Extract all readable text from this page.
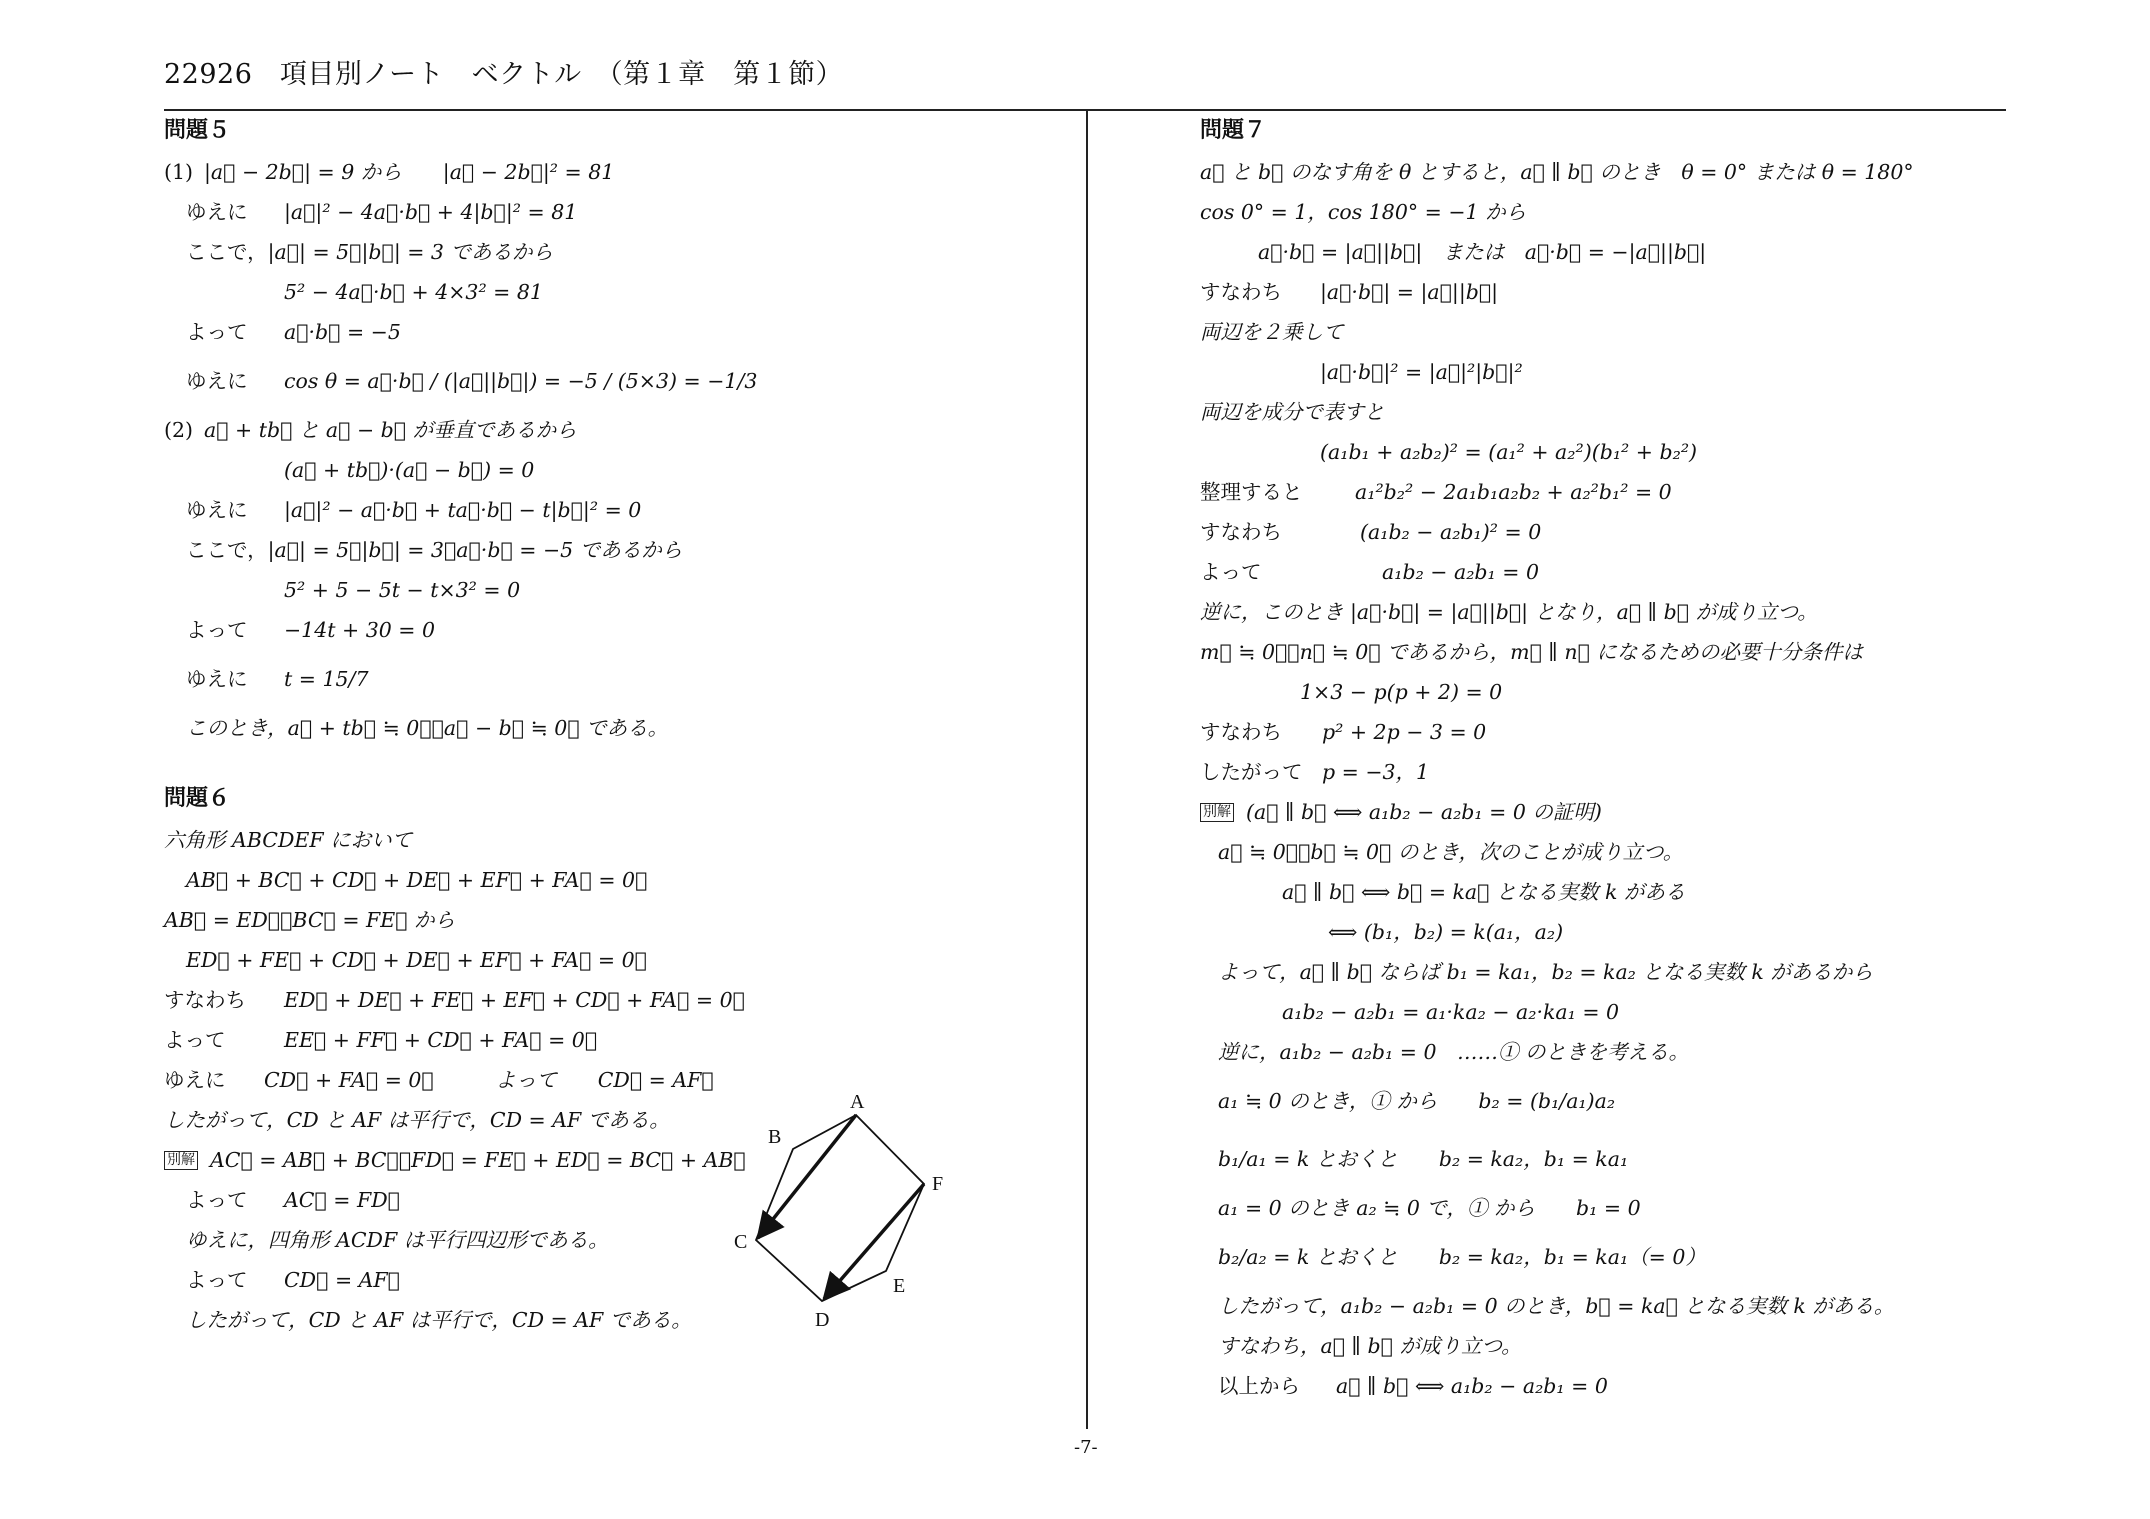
22926　項目別ノート　ベクトル　（第１章　第１節）
問題５
(1) |a⃗ − 2b⃗| = 9 から　　|a⃗ − 2b⃗|² = 81
ゆえに	|a⃗|² − 4a⃗·b⃗ + 4|b⃗|² = 81
ここで， |a⃗| = 5，|b⃗| = 3 であるから
5² − 4a⃗·b⃗ + 4×3² = 81
よって	a⃗·b⃗ = −5
ゆえに	cos θ = a⃗·b⃗ / (|a⃗||b⃗|) = −5 / (5×3) = −1/3
(2) a⃗ + tb⃗ と a⃗ − b⃗ が垂直であるから
(a⃗ + tb⃗)·(a⃗ − b⃗) = 0
ゆえに	|a⃗|² − a⃗·b⃗ + ta⃗·b⃗ − t|b⃗|² = 0
ここで， |a⃗| = 5，|b⃗| = 3，a⃗·b⃗ = −5 であるから
5² + 5 − 5t − t×3² = 0
よって	−14t + 30 = 0
ゆえに	t = 15/7
このとき，a⃗ + tb⃗ ≒ 0⃗，a⃗ − b⃗ ≒ 0⃗ である。
問題６
六角形 ABCDEF において
AB⃗ + BC⃗ + CD⃗ + DE⃗ + EF⃗ + FA⃗ = 0⃗
AB⃗ = ED⃗，BC⃗ = FE⃗ から
ED⃗ + FE⃗ + CD⃗ + DE⃗ + EF⃗ + FA⃗ = 0⃗
すなわち	ED⃗ + DE⃗ + FE⃗ + EF⃗ + CD⃗ + FA⃗ = 0⃗
よって	EE⃗ + FF⃗ + CD⃗ + FA⃗ = 0⃗
ゆえに	CD⃗ + FA⃗ = 0⃗　　　よって　　CD⃗ = AF⃗
したがって，CD と AF は平行で，CD = AF である。
別解 AC⃗ = AB⃗ + BC⃗，FD⃗ = FE⃗ + ED⃗ = BC⃗ + AB⃗
よって	AC⃗ = FD⃗
ゆえに，四角形 ACDF は平行四辺形である。
よって	CD⃗ = AF⃗
したがって，CD と AF は平行で，CD = AF である。
A
B
C
D
E
F
問題７
a⃗ と b⃗ のなす角を θ とすると，a⃗ ∥ b⃗ のとき　θ = 0° または θ = 180°
cos 0° = 1，cos 180° = −1 から
a⃗·b⃗ = |a⃗||b⃗|　または　a⃗·b⃗ = −|a⃗||b⃗|
すなわち	|a⃗·b⃗| = |a⃗||b⃗|
両辺を２乗して
|a⃗·b⃗|² = |a⃗|²|b⃗|²
両辺を成分で表すと
(a₁b₁ + a₂b₂)² = (a₁² + a₂²)(b₁² + b₂²)
整理すると	a₁²b₂² − 2a₁b₁a₂b₂ + a₂²b₁² = 0
すなわち	(a₁b₂ − a₂b₁)² = 0
よって	a₁b₂ − a₂b₁ = 0
逆に，このとき |a⃗·b⃗| = |a⃗||b⃗| となり，a⃗ ∥ b⃗ が成り立つ。
m⃗ ≒ 0⃗，n⃗ ≒ 0⃗ であるから，m⃗ ∥ n⃗ になるための必要十分条件は
1×3 − p(p + 2) = 0
すなわち	p² + 2p − 3 = 0
したがって p = −3，1
別解 (a⃗ ∥ b⃗ ⟺ a₁b₂ − a₂b₁ = 0 の証明)
a⃗ ≒ 0⃗，b⃗ ≒ 0⃗ のとき，次のことが成り立つ。
a⃗ ∥ b⃗ ⟺ b⃗ = ka⃗ となる実数 k がある
⟺ (b₁，b₂) = k(a₁，a₂)
よって，a⃗ ∥ b⃗ ならば b₁ = ka₁，b₂ = ka₂ となる実数 k があるから
a₁b₂ − a₂b₁ = a₁·ka₂ − a₂·ka₁ = 0
逆に，a₁b₂ − a₂b₁ = 0　……① のときを考える。
a₁ ≒ 0 のとき，① から　　b₂ = (b₁/a₁)a₂
b₁/a₁ = k とおくと　　b₂ = ka₂，b₁ = ka₁
a₁ = 0 のとき a₂ ≒ 0 で，① から　　b₁ = 0
b₂/a₂ = k とおくと　　b₂ = ka₂，b₁ = ka₁（= 0）
したがって，a₁b₂ − a₂b₁ = 0 のとき，b⃗ = ka⃗ となる実数 k がある。
すなわち，a⃗ ∥ b⃗ が成り立つ。
以上から	a⃗ ∥ b⃗ ⟺ a₁b₂ − a₂b₁ = 0
-7-
